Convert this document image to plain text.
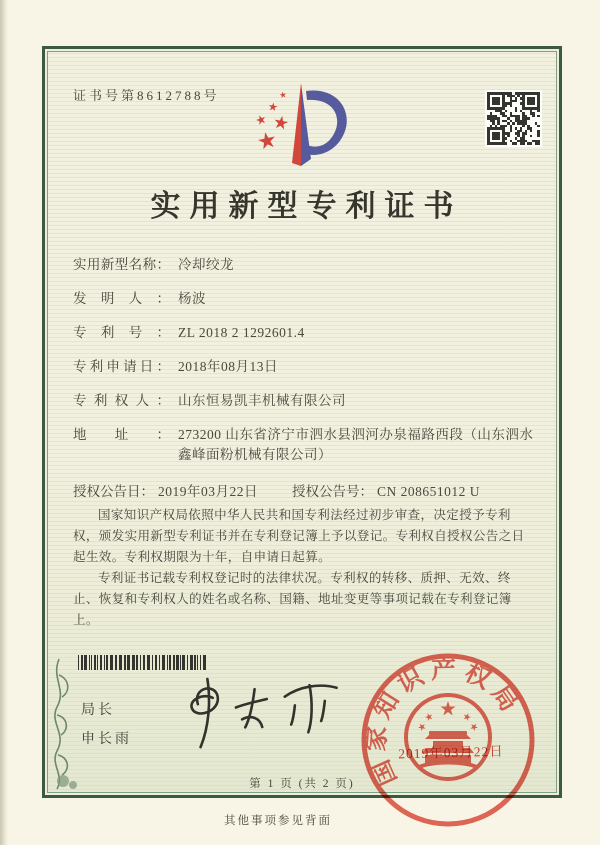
证书号第8612788号
实用新型专利证书
实用新型名称： 冷却绞龙
发明人： 杨波
专利号： ZL 2018 2 1292601.4
专利申请日： 2018年08月13日
专利权人： 山东恒易凯丰机械有限公司
地址： 273200 山东省济宁市泗水县泗河办泉福路西段（山东泗水鑫峰面粉机械有限公司）
授权公告日： 2019年03月22日	授权公告号： CN 208651012 U

国家知识产权局依照中华人民共和国专利法经过初步审查，决定授予专利权，颁发实用新型专利证书并在专利登记簿上予以登记。专利权自授权公告之日起生效。专利权期限为十年，自申请日起算。

专利证书记载专利权登记时的法律状况。专利权的转移、质押、无效、终止、恢复和专利权人的姓名或名称、国籍、地址变更等事项记载在专利登记簿上。

局长
申长雨
国家知识产权局
2019年03月22日
第 1 页 (共 2 页)
其他事项参见背面
